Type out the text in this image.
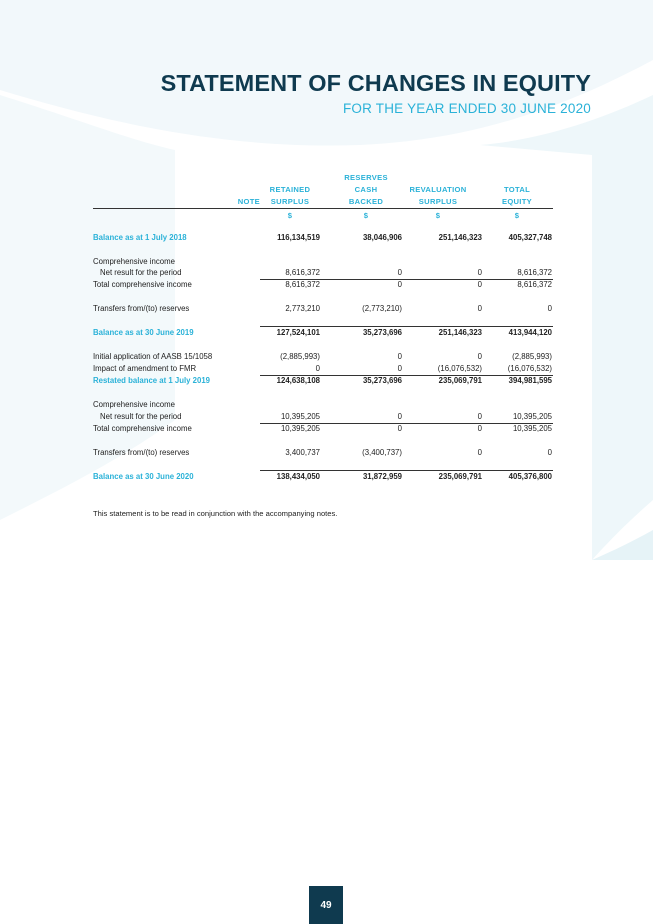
STATEMENT OF CHANGES IN EQUITY
FOR THE YEAR ENDED 30 JUNE 2020
RESERVES
RETAINED	CASH	REVALUATION	TOTAL
NOTE	SURPLUS	BACKED	SURPLUS	EQUITY
$	$	$	$
Balance as at 1 July 2018	116,134,519	38,046,906	251,146,323	405,327,748
Comprehensive income
Net result for the period	8,616,372	0	0	8,616,372
Total comprehensive income	8,616,372	0	0	8,616,372
Transfers from/(to) reserves	2,773,210	(2,773,210)	0	0
Balance as at 30 June 2019	127,524,101	35,273,696	251,146,323	413,944,120
Initial application of AASB 15/1058	(2,885,993)	0	0	(2,885,993)
Impact of amendment to FMR	0	0	(16,076,532)	(16,076,532)
Restated balance at 1 July 2019	124,638,108	35,273,696	235,069,791	394,981,595
Comprehensive income
Net result for the period	10,395,205	0	0	10,395,205
Total comprehensive income	10,395,205	0	0	10,395,205
Transfers from/(to) reserves	3,400,737	(3,400,737)	0	0
Balance as at 30 June 2020	138,434,050	31,872,959	235,069,791	405,376,800
This statement is to be read in conjunction with the accompanying notes.
49
